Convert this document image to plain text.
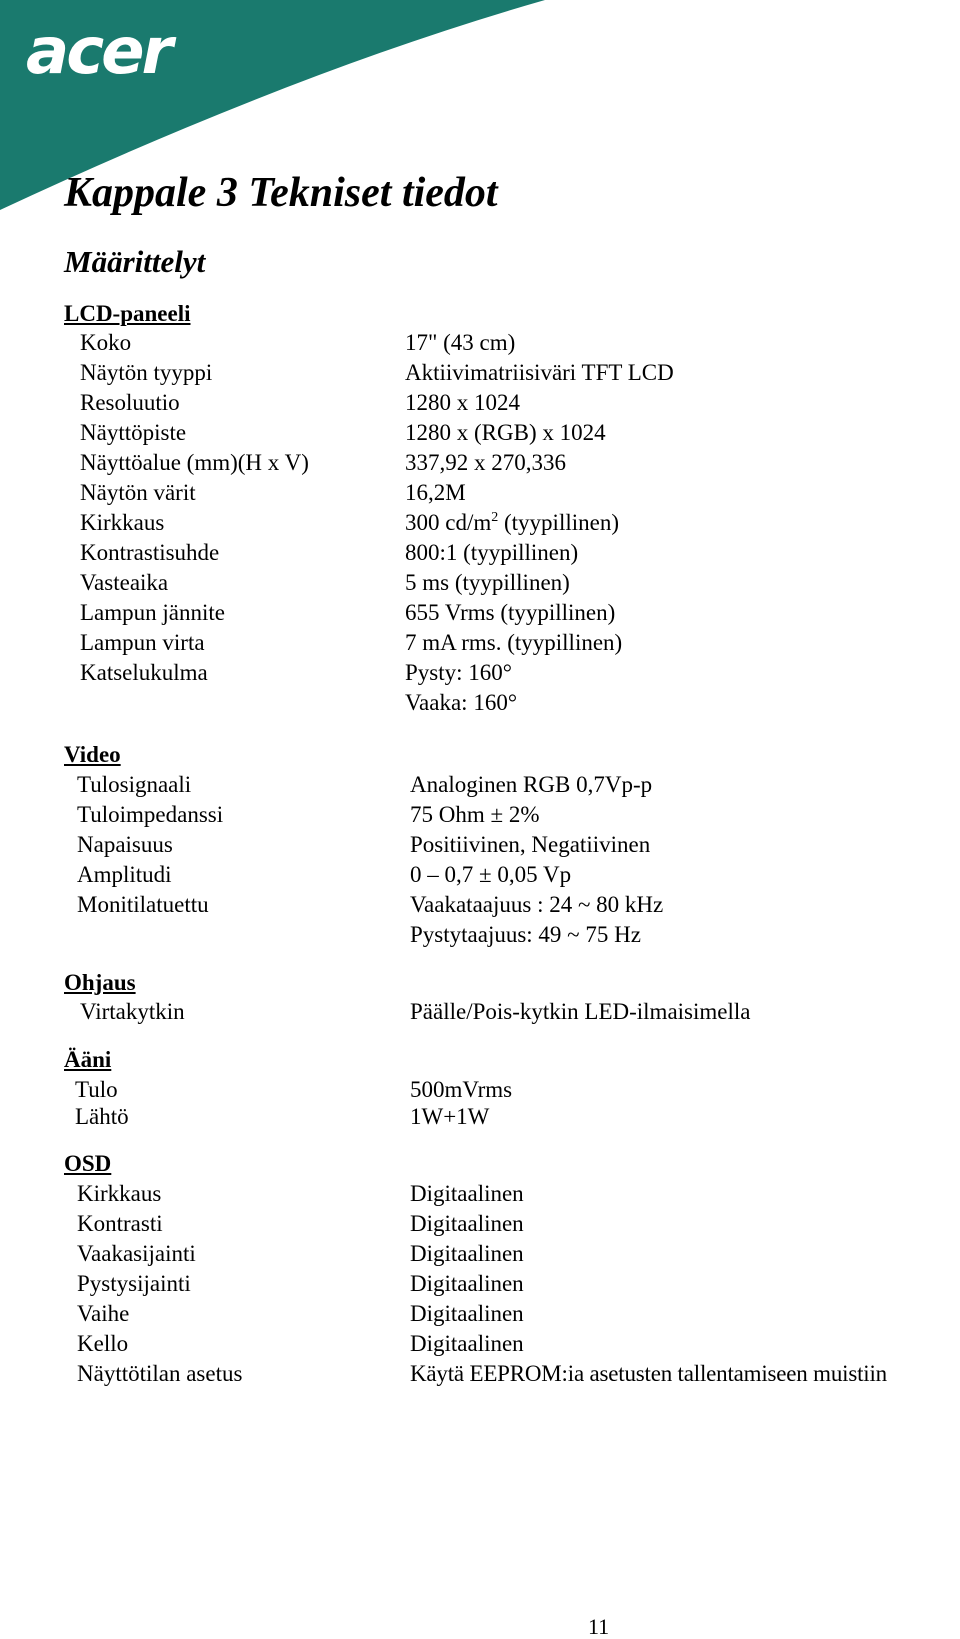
acer
Kappale 3 Tekniset tiedot
Määrittelyt
LCD-paneeli
Koko	17" (43 cm)
Näytön tyyppi	Aktiivimatriisiväri TFT LCD
Resoluutio	1280 x 1024
Näyttöpiste	1280 x (RGB) x 1024
Näyttöalue (mm)(H x V)	337,92 x 270,336
Näytön värit	16,2M
Kirkkaus	300 $cd/m^2$ (tyypillinen)
Kontrastisuhde	800:1 (tyypillinen)
Vasteaika	5 ms (tyypillinen)
Lampun jännite	655 Vrms (tyypillinen)
Lampun virta	7 mA rms. (tyypillinen)
Katselukulma	Pysty: 160°
Vaaka: 160°
Video
Tulosignaali	Analoginen RGB 0,7Vp-p
Tuloimpedanssi	75 Ohm ± 2%
Napaisuus	Positiivinen, Negatiivinen
Amplitudi	0 – 0,7 ± 0,05 Vp
Monitilatuettu	Vaakataajuus : 24 ~ 80 kHz
Pystytaajuus: 49 ~ 75 Hz
Ohjaus
Virtakytkin	Päälle/Pois-kytkin LED-ilmaisimella
Ääni
Tulo	500mVrms
Lähtö	1W+1W
OSD
Kirkkaus	Digitaalinen
Kontrasti	Digitaalinen
Vaakasijainti	Digitaalinen
Pystysijainti	Digitaalinen
Vaihe	Digitaalinen
Kello	Digitaalinen
Näyttötilan asetus	Käytä EEPROM:ia asetusten tallentamiseen muistiin
11
